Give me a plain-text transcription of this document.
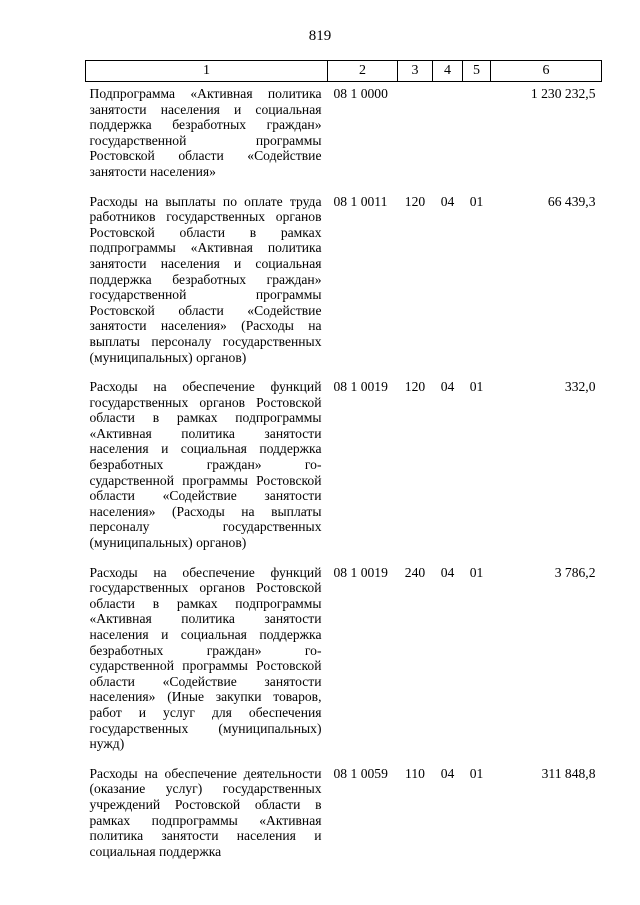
819
1	2	3	4	5	6
Подпрограмма «Активная политика занятости населения и социальная поддержка безработных граждан» государственной программы Ростовской области «Содействие занятости населения»	08 1 0000				1 230 232,5
Расходы на выплаты по оплате труда работников государственных органов Ростовской области в рамках подпрограммы «Активная политика занятости населения и социальная поддержка безработных граждан» государственной программы Ростовской области «Содействие занятости населения» (Расходы на выплаты персоналу государственных (муниципальных) органов)	08 1 0011	120	04	01	66 439,3
Расходы на обеспечение функций государственных органов Ростовской области в рамках подпрограммы «Активная политика занятости населения и социальная поддержка безработных граждан» государственной программы Ростовской области «Содействие занятости населения» (Расходы на выплаты персоналу государственных (муниципальных) органов)	08 1 0019	120	04	01	332,0
Расходы на обеспечение функций государственных органов Ростовской области в рамках подпрограммы «Активная политика занятости населения и социальная поддержка безработных граждан» государственной программы Ростовской области «Содействие занятости населения» (Иные закупки товаров, работ и услуг для обеспечения государственных (муниципальных) нужд)	08 1 0019	240	04	01	3 786,2
Расходы на обеспечение деятельности (оказание услуг) государственных учреждений Ростовской области в рамках подпрограммы «Активная политика занятости населения и социальная поддержка	08 1 0059	110	04	01	311 848,8
